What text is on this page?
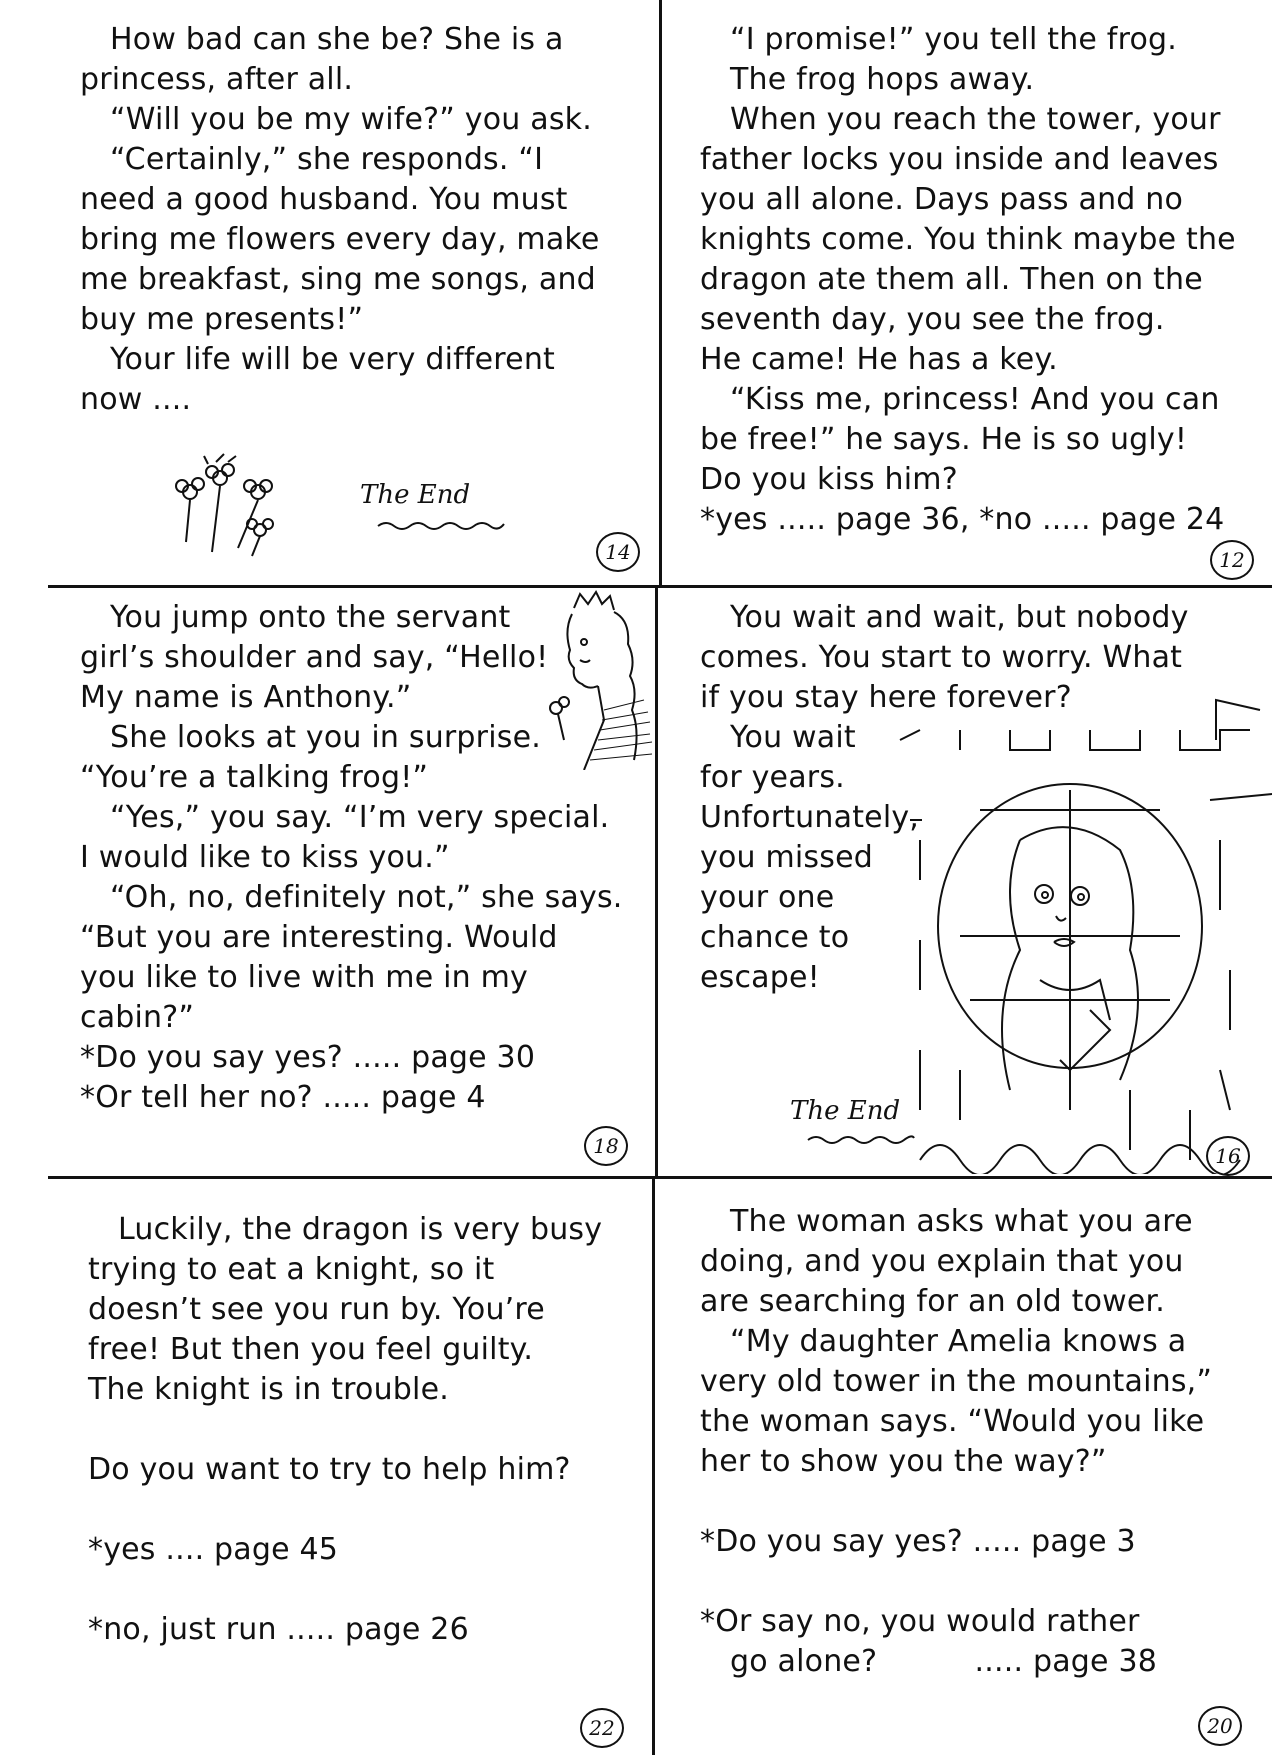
How bad can she be? She is a

princess, after all.

“Will you be my wife?” you ask.

“Certainly,” she responds. “I

need a good husband. You must

bring me flowers every day, make

me breakfast, sing me songs, and

buy me presents!”

Your life will be very different

now ....

The End
14

“I promise!” you tell the frog.

The frog hops away.

When you reach the tower, your

father locks you inside and leaves

you all alone. Days pass and no

knights come. You think maybe the

dragon ate them all. Then on the

seventh day, you see the frog.

He came! He has a key.

“Kiss me, princess! And you can

be free!” he says. He is so ugly!

Do you kiss him?

*yes ..... page 36, *no ..... page 24

12

You jump onto the servant

girl’s shoulder and say, “Hello!

My name is Anthony.”

She looks at you in surprise.

“You’re a talking frog!”

“Yes,” you say. “I’m very special.

I would like to kiss you.”

“Oh, no, definitely not,” she says.

“But you are interesting. Would

you like to live with me in my

cabin?”

*Do you say yes? ..... page 30

*Or tell her no? ..... page 4

18

You wait and wait, but nobody

comes. You start to worry. What

if you stay here forever?

You wait

for years.

Unfortunately,

you missed

your one

chance to

escape!

The End
16

Luckily, the dragon is very busy

trying to eat a knight, so it

doesn’t see you run by. You’re

free! But then you feel guilty.

The knight is in trouble.

Do you want to try to help him?

*yes .... page 45

*no, just run ..... page 26

22

The woman asks what you are

doing, and you explain that you

are searching for an old tower.

“My daughter Amelia knows a

very old tower in the mountains,”

the woman says. “Would you like

her to show you the way?”

*Do you say yes? ..... page 3

*Or say no, you would rather

go alone?          ..... page 38

20
